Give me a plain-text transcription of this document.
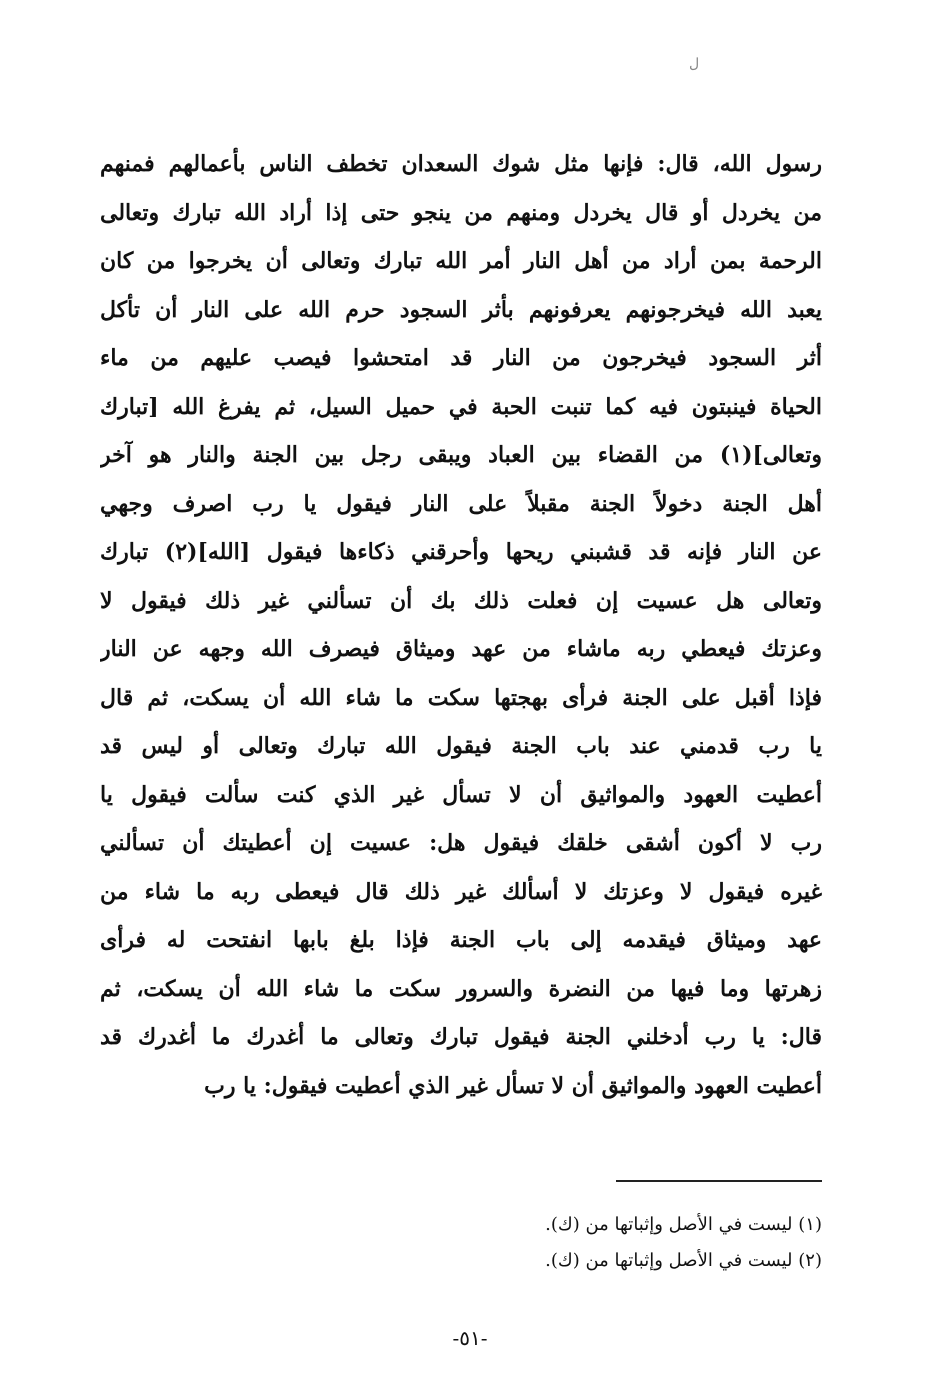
ل
رسول الله، قال: فإنها مثل شوك السعدان تخطف الناس بأعمالهم فمنهم
من يخردل أو قال يخردل ومنهم من ينجو حتى إذا أراد الله تبارك وتعالى
الرحمة بمن أراد من أهل النار أمر الله تبارك وتعالى أن يخرجوا من كان
يعبد الله فيخرجونهم يعرفونهم بأثر السجود حرم الله على النار أن تأكل
أثر السجود فيخرجون من النار قد امتحشوا فيصب عليهم من ماء
الحياة فينبتون فيه كما تنبت الحبة في حميل السيل، ثم يفرغ الله [تبارك
وتعالى](١) من القضاء بين العباد ويبقى رجل بين الجنة والنار هو آخر
أهل الجنة دخولاً الجنة مقبلاً على النار فيقول يا رب اصرف وجهي
عن النار فإنه قد قشبني ريحها وأحرقني ذكاءها فيقول [الله](٢) تبارك
وتعالى هل عسيت إن فعلت ذلك بك أن تسألني غير ذلك فيقول لا
وعزتك فيعطي ربه ماشاء من عهد وميثاق فيصرف الله وجهه عن النار
فإذا أقبل على الجنة فرأى بهجتها سكت ما شاء الله أن يسكت، ثم قال
يا رب قدمني عند باب الجنة فيقول الله تبارك وتعالى أو ليس قد
أعطيت العهود والمواثيق أن لا تسأل غير الذي كنت سألت فيقول يا
رب لا أكون أشقى خلقك فيقول هل: عسيت إن أعطيتك أن تسألني
غيره فيقول لا وعزتك لا أسألك غير ذلك قال فيعطى ربه ما شاء من
عهد وميثاق فيقدمه إلى باب الجنة فإذا بلغ بابها انفتحت له فرأى
زهرتها وما فيها من النضرة والسرور سكت ما شاء الله أن يسكت، ثم
قال: يا رب أدخلني الجنة فيقول تبارك وتعالى ما أغدرك ما أغدرك قد
أعطيت العهود والمواثيق أن لا تسأل غير الذي أعطيت فيقول: يا رب
(١) ليست في الأصل وإثباتها من (ك).
(٢) ليست في الأصل وإثباتها من (ك).
-٥١-
